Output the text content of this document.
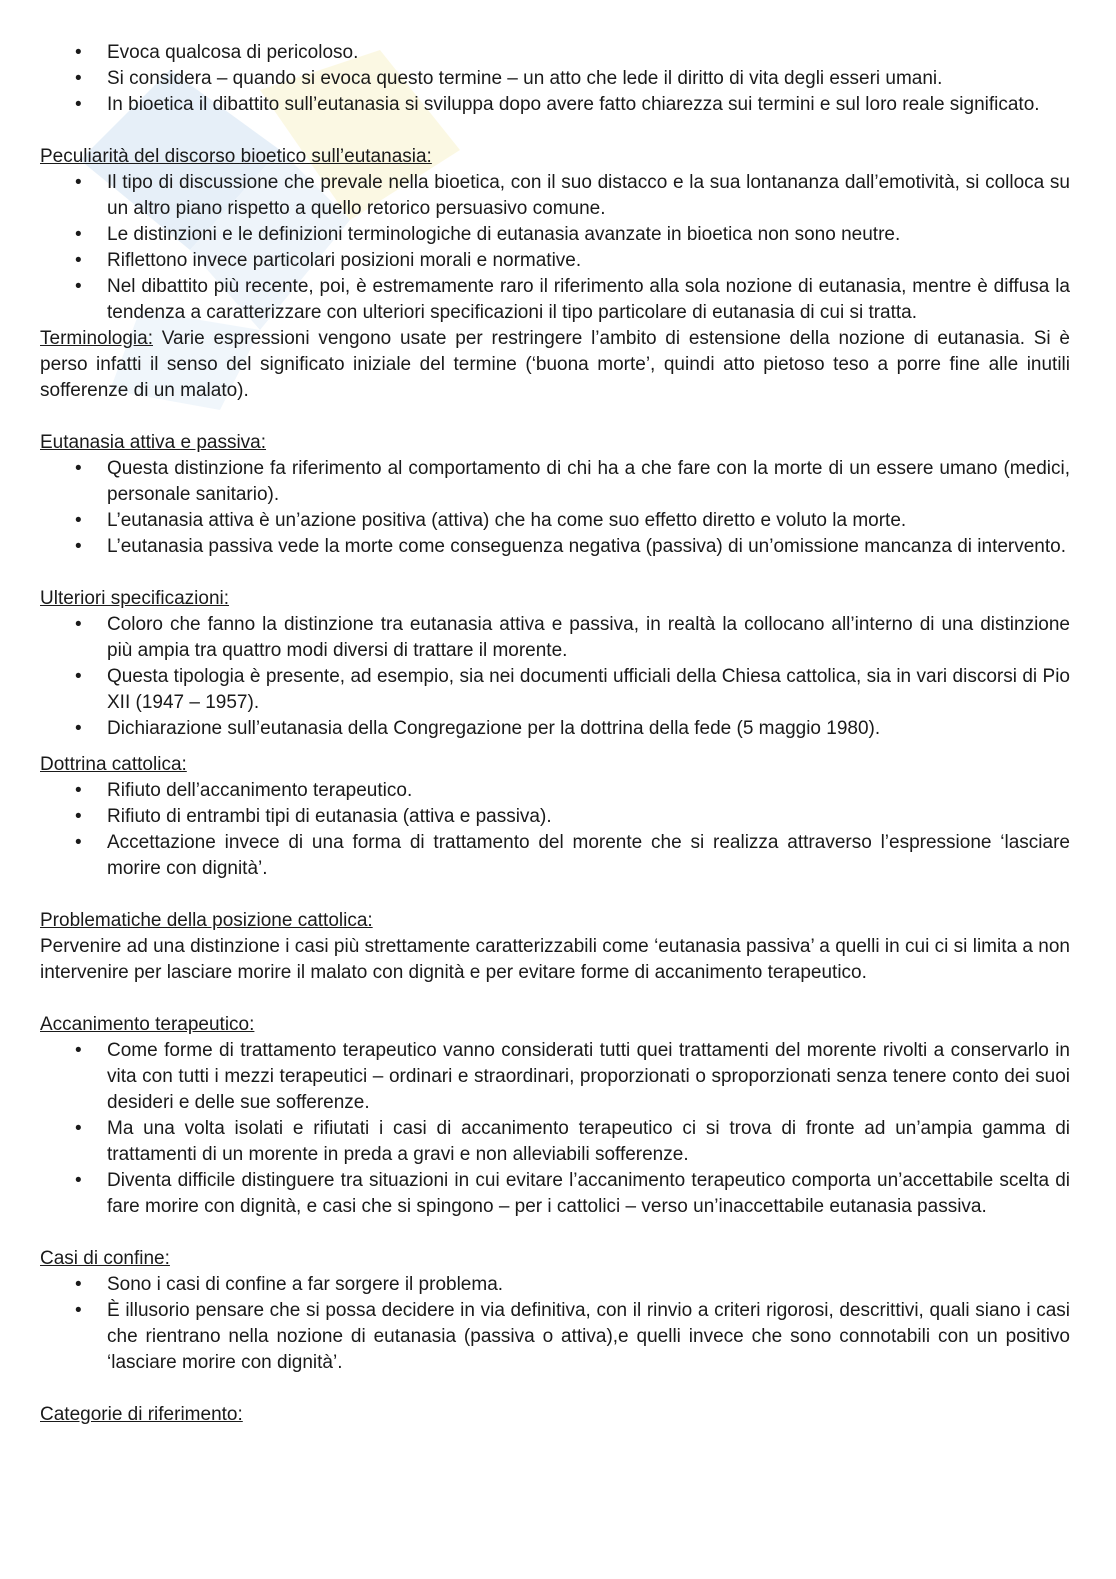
• Evoca qualcosa di pericoloso.
• Si considera – quando si evoca questo termine – un atto che lede il diritto di vita degli esseri umani.
• In bioetica il dibattito sull’eutanasia si sviluppa dopo avere fatto chiarezza sui termini e sul loro reale significato.

Peculiarità del discorso bioetico sull’eutanasia:

• Il tipo di discussione che prevale nella bioetica, con il suo distacco e la sua lontananza dall’emotività, si colloca su un altro piano rispetto a quello retorico persuasivo comune.
• Le distinzioni e le definizioni terminologiche di eutanasia avanzate in bioetica non sono neutre.
• Riflettono invece particolari posizioni morali e normative.
• Nel dibattito più recente, poi, è estremamente raro il riferimento alla sola nozione di eutanasia, mentre è diffusa la tendenza a caratterizzare con ulteriori specificazioni il tipo particolare di eutanasia di cui si tratta.

Terminologia: Varie espressioni vengono usate per restringere l’ambito di estensione della nozione di eutanasia. Si è perso infatti il senso del significato iniziale del termine (‘buona morte’, quindi atto pietoso teso a porre fine alle inutili sofferenze di un malato).

Eutanasia attiva e passiva:

• Questa distinzione fa riferimento al comportamento di chi ha a che fare con la morte di un essere umano (medici, personale sanitario).
• L’eutanasia attiva è un’azione positiva (attiva) che ha come suo effetto diretto e voluto la morte.
• L’eutanasia passiva vede la morte come conseguenza negativa (passiva) di un’omissione mancanza di intervento.

Ulteriori specificazioni:

• Coloro che fanno la distinzione tra eutanasia attiva e passiva, in realtà la collocano all’interno di una distinzione più ampia tra quattro modi diversi di trattare il morente.
• Questa tipologia è presente, ad esempio, sia nei documenti ufficiali della Chiesa cattolica, sia in vari discorsi di Pio XII (1947 – 1957).
• Dichiarazione sull’eutanasia della Congregazione per la dottrina della fede (5 maggio 1980).

Dottrina cattolica:

• Rifiuto dell’accanimento terapeutico.
• Rifiuto di entrambi tipi di eutanasia (attiva e passiva).
• Accettazione invece di una forma di trattamento del morente che si realizza attraverso l’espressione ‘lasciare morire con dignità’.

Problematiche della posizione cattolica:

Pervenire ad una distinzione i casi più strettamente caratterizzabili come ‘eutanasia passiva’ a quelli in cui ci si limita a non intervenire per lasciare morire il malato con dignità e per evitare forme di accanimento terapeutico.

Accanimento terapeutico:

• Come forme di trattamento terapeutico vanno considerati tutti quei trattamenti del morente rivolti a conservarlo in vita con tutti i mezzi terapeutici – ordinari e straordinari, proporzionati o sproporzionati senza tenere conto dei suoi desideri e delle sue sofferenze.
• Ma una volta isolati e rifiutati i casi di accanimento terapeutico ci si trova di fronte ad un’ampia gamma di trattamenti di un morente in preda a gravi e non alleviabili sofferenze.
• Diventa difficile distinguere tra situazioni in cui evitare l’accanimento terapeutico comporta un’accettabile scelta di fare morire con dignità, e casi che si spingono – per i cattolici – verso un’inaccettabile eutanasia passiva.

Casi di confine:

• Sono i casi di confine a far sorgere il problema.
• È illusorio pensare che si possa decidere in via definitiva, con il rinvio a criteri rigorosi, descrittivi, quali siano i casi che rientrano nella nozione di eutanasia (passiva o attiva),e quelli invece che sono connotabili con un positivo ‘lasciare morire con dignità’.

Categorie di riferimento:
